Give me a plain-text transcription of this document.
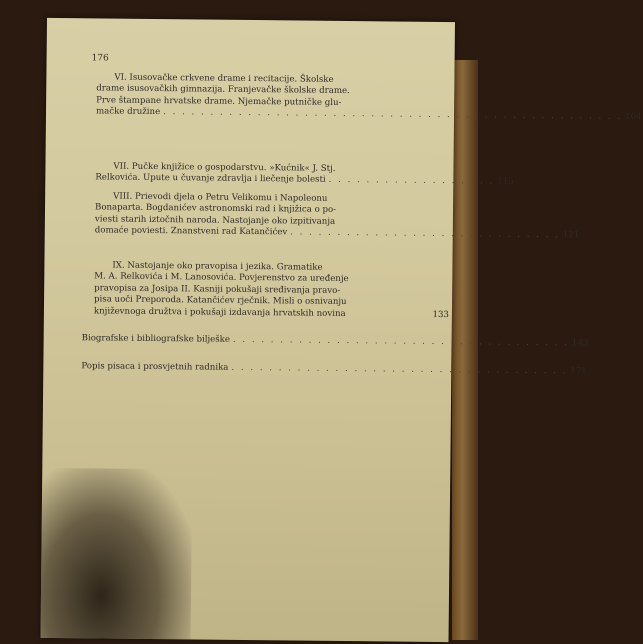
176
VI. Isusovačke crkvene drame i recitacije. Školske
drame isusovačkih gimnazija. Franjevačke školske drame.
Prve štampane hrvatske drame. Njemačke putničke glu-
mačke družine . . . . . . . . . . . . . . . . . . . . . . . . . . . . . . . . . . . . . . . . . . . . . . . . . 104
VII. Pučke knjižice o gospodarstvu. »Kućnik« J. Stj.
Relkovića. Upute u čuvanje zdravlja i liečenje bolesti . . . . . . . . . . . . . . . . . . 115
VIII. Prievodi djela o Petru Velikomu i Napoleonu
Bonaparta. Bogdanićev astronomski rad i knjižica o po-
viesti starih iztočnih naroda. Nastojanje oko izpitivanja
domaće poviesti. Znanstveni rad Katančićev . . . . . . . . . . . . . . . . . . . . . . . . . . . . . 121
IX. Nastojanje oko pravopisa i jezika. Gramatike
M. A. Relkovića i M. Lanosovića. Povjerenstvo za uređenje
pravopisa za Josipa II. Kasniji pokušaji sređivanja pravo-
pisa uoči Preporoda. Katančićev rječnik. Misli o osnivanju
književnoga družtva i pokušaji izdavanja hrvatskih novina	133
Biografske i bibliografske bilješke . . . . . . . . . . . . . . . . . . . . . . . . . . . . . . . . . . . . 143
Popis pisaca i prosvjetnih radnika . . . . . . . . . . . . . . . . . . . . . . . . . . . . . . . . . . . . 171
